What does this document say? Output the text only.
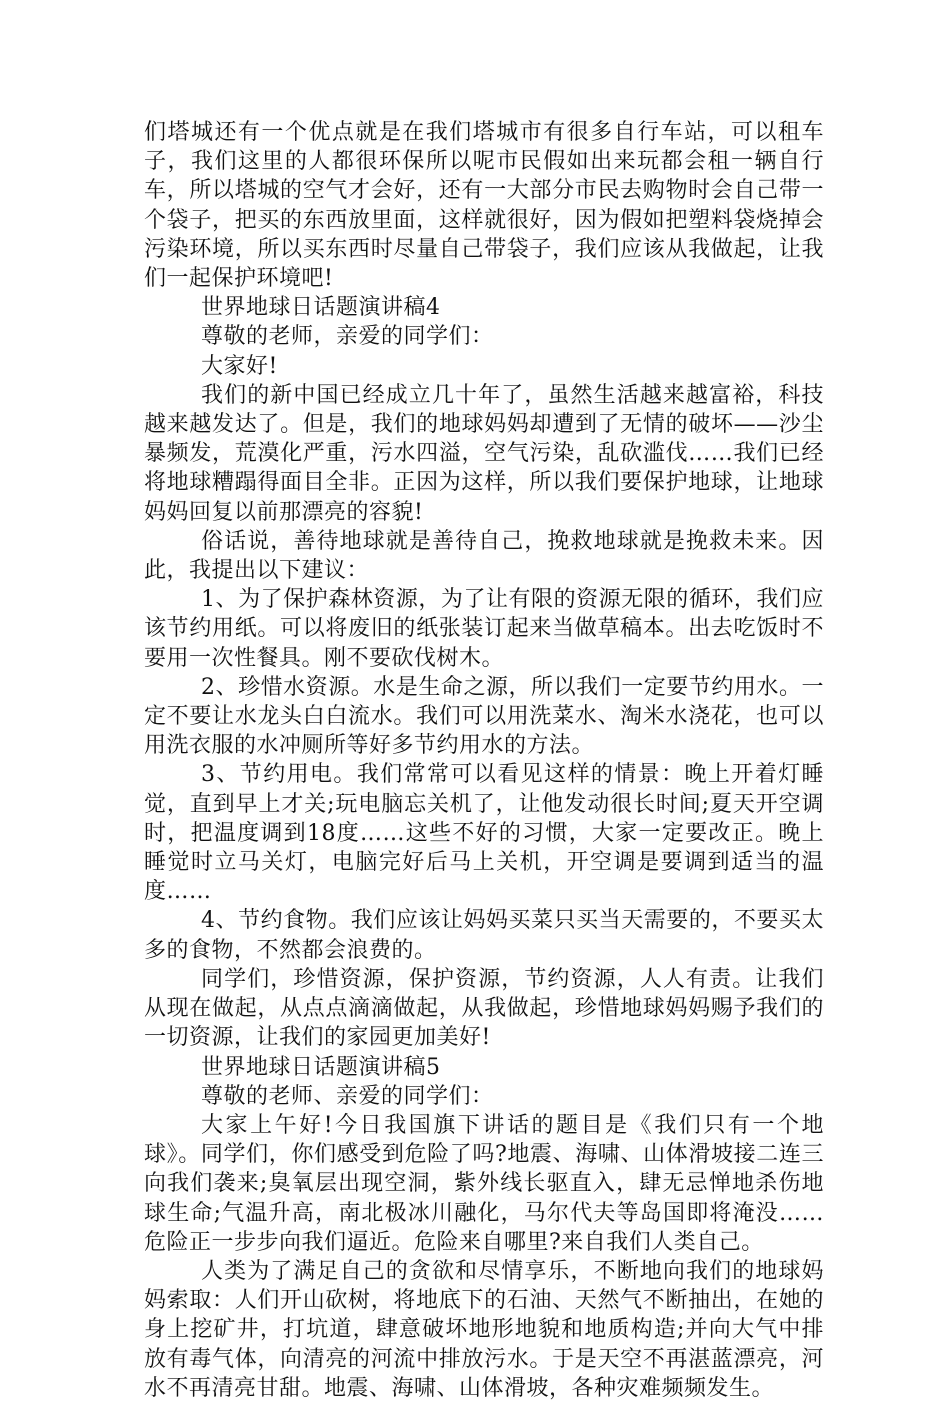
们塔城还有一个优点就是在我们塔城市有很多自行车站，可以租车子，我们这里的人都很环保所以呢市民假如出来玩都会租一辆自行车，所以塔城的空气才会好，还有一大部分市民去购物时会自己带一个袋子，把买的东西放里面，这样就很好，因为假如把塑料袋烧掉会污染环境，所以买东西时尽量自己带袋子，我们应该从我做起，让我们一起保护环境吧!

世界地球日话题演讲稿4

尊敬的老师，亲爱的同学们：

大家好!

我们的新中国已经成立几十年了，虽然生活越来越富裕，科技越来越发达了。但是，我们的地球妈妈却遭到了无情的破坏——沙尘暴频发，荒漠化严重，污水四溢，空气污染，乱砍滥伐……我们已经将地球糟蹋得面目全非。正因为这样，所以我们要保护地球，让地球妈妈回复以前那漂亮的容貌!

俗话说，善待地球就是善待自己，挽救地球就是挽救未来。因此，我提出以下建议：

1、为了保护森林资源，为了让有限的资源无限的循环，我们应该节约用纸。可以将废旧的纸张装订起来当做草稿本。出去吃饭时不要用一次性餐具。刚不要砍伐树木。

2、珍惜水资源。水是生命之源，所以我们一定要节约用水。一定不要让水龙头白白流水。我们可以用洗菜水、淘米水浇花，也可以用洗衣服的水冲厕所等好多节约用水的方法。

3、节约用电。我们常常可以看见这样的情景：晚上开着灯睡觉，直到早上才关;玩电脑忘关机了，让他发动很长时间;夏天开空调时，把温度调到18度……这些不好的习惯，大家一定要改正。晚上睡觉时立马关灯，电脑完好后马上关机，开空调是要调到适当的温度……

4、节约食物。我们应该让妈妈买菜只买当天需要的，不要买太多的食物，不然都会浪费的。

同学们，珍惜资源，保护资源，节约资源，人人有责。让我们从现在做起，从点点滴滴做起，从我做起，珍惜地球妈妈赐予我们的一切资源，让我们的家园更加美好!

世界地球日话题演讲稿5

尊敬的老师、亲爱的同学们：

大家上午好!今日我国旗下讲话的题目是《我们只有一个地球》。同学们，你们感受到危险了吗?地震、海啸、山体滑坡接二连三向我们袭来;臭氧层出现空洞，紫外线长驱直入，肆无忌惮地杀伤地球生命;气温升高，南北极冰川融化，马尔代夫等岛国即将淹没……危险正一步步向我们逼近。危险来自哪里?来自我们人类自己。

人类为了满足自己的贪欲和尽情享乐，不断地向我们的地球妈妈索取：人们开山砍树，将地底下的石油、天然气不断抽出，在她的身上挖矿井，打坑道，肆意破坏地形地貌和地质构造;并向大气中排放有毒气体，向清亮的河流中排放污水。于是天空不再湛蓝漂亮，河水不再清亮甘甜。地震、海啸、山体滑坡，各种灾难频频发生。
